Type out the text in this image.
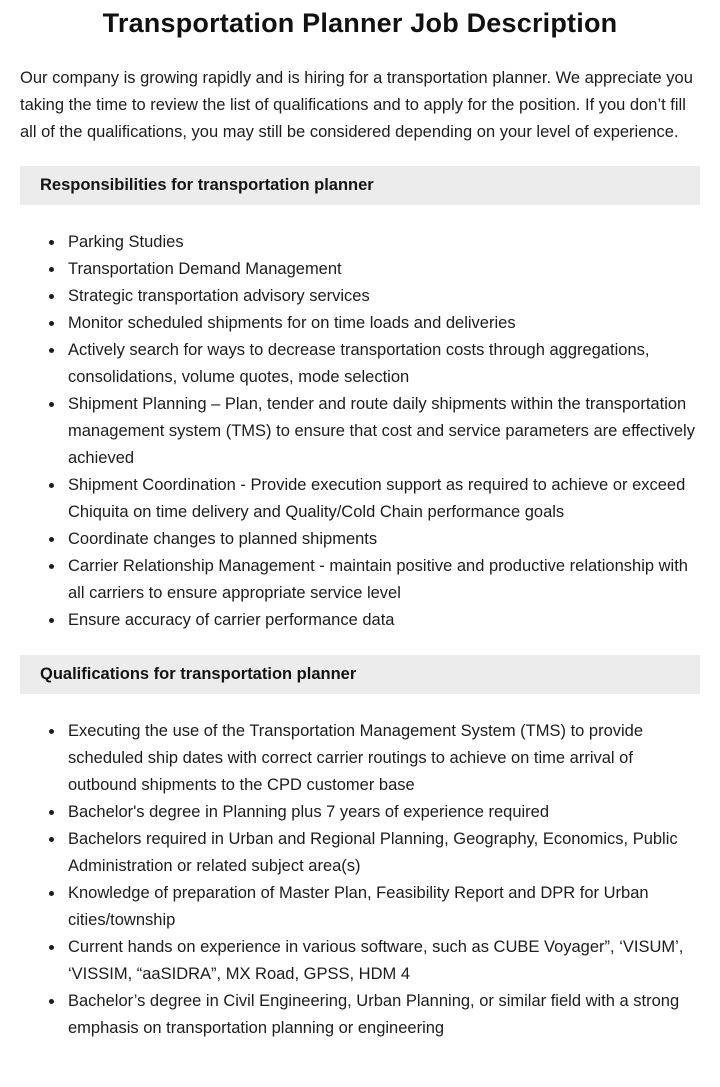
Transportation Planner Job Description

Our company is growing rapidly and is hiring for a transportation planner. We appreciate you taking the time to review the list of qualifications and to apply for the position. If you don’t fill all of the qualifications, you may still be considered depending on your level of experience.

Responsibilities for transportation planner
• Parking Studies
• Transportation Demand Management
• Strategic transportation advisory services
• Monitor scheduled shipments for on time loads and deliveries
• Actively search for ways to decrease transportation costs through aggregations, consolidations, volume quotes, mode selection
• Shipment Planning – Plan, tender and route daily shipments within the transportation management system (TMS) to ensure that cost and service parameters are effectively achieved
• Shipment Coordination - Provide execution support as required to achieve or exceed Chiquita on time delivery and Quality/Cold Chain performance goals
• Coordinate changes to planned shipments
• Carrier Relationship Management - maintain positive and productive relationship with all carriers to ensure appropriate service level
• Ensure accuracy of carrier performance data
Qualifications for transportation planner
• Executing the use of the Transportation Management System (TMS) to provide scheduled ship dates with correct carrier routings to achieve on time arrival of outbound shipments to the CPD customer base
• Bachelor's degree in Planning plus 7 years of experience required
• Bachelors required in Urban and Regional Planning, Geography, Economics, Public Administration or related subject area(s)
• Knowledge of preparation of Master Plan, Feasibility Report and DPR for Urban cities/township
• Current hands on experience in various software, such as CUBE Voyager”, ‘VISUM’, ‘VISSIM, “aaSIDRA”, MX Road, GPSS, HDM 4
• Bachelor’s degree in Civil Engineering, Urban Planning, or similar field with a strong emphasis on transportation planning or engineering
